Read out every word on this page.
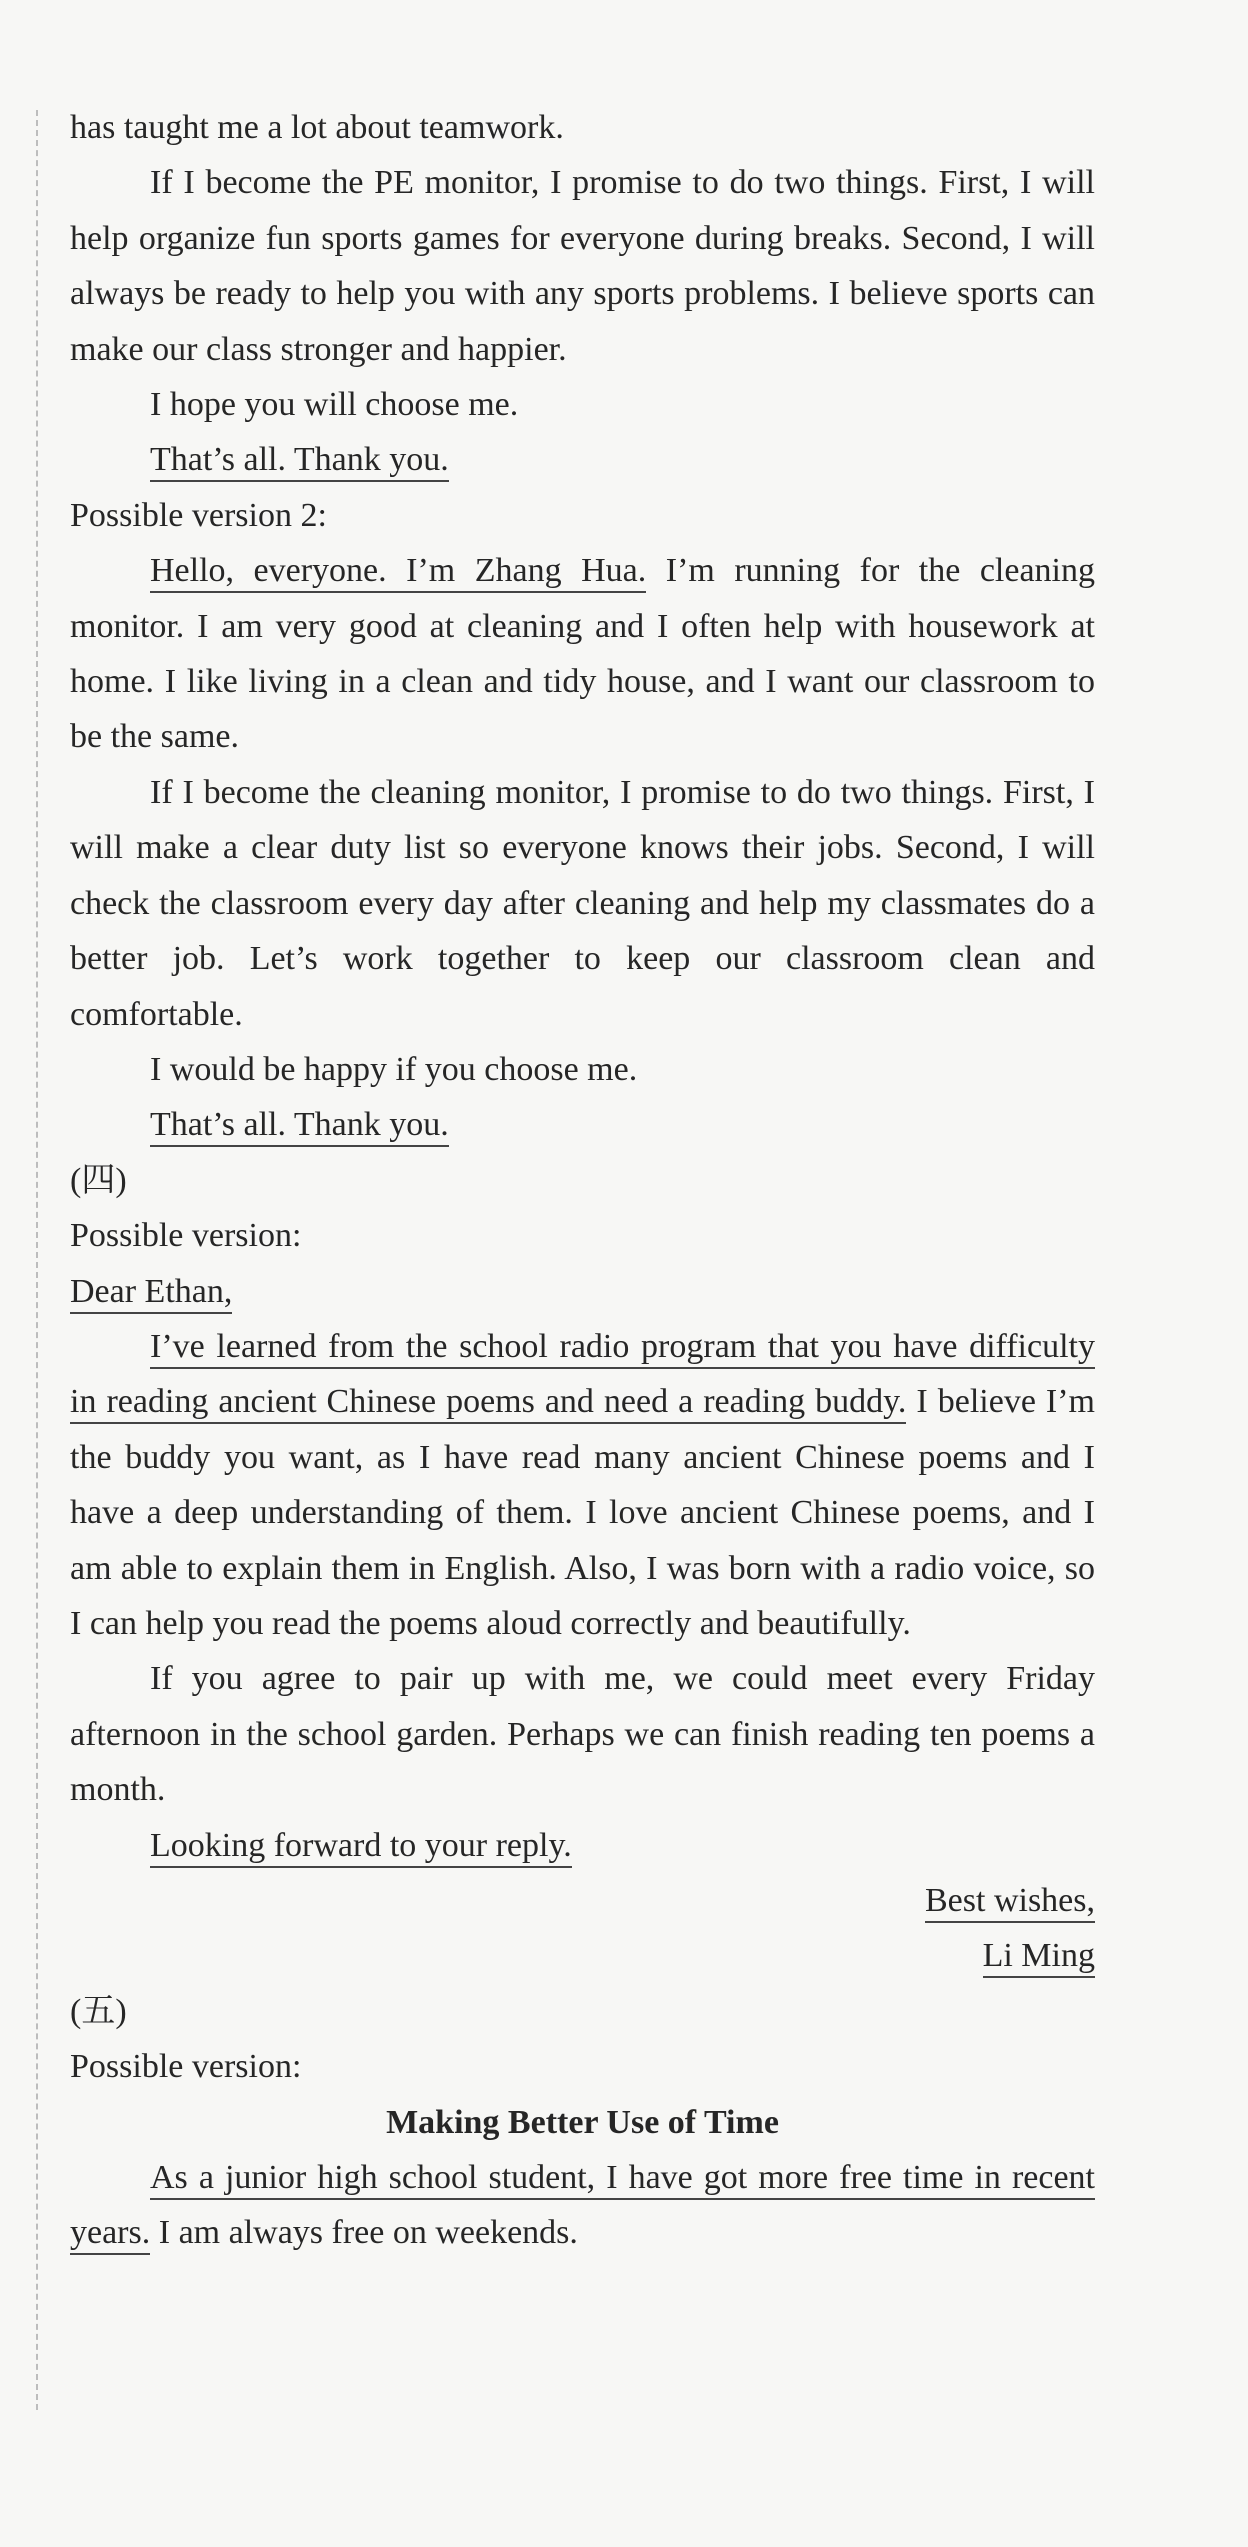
has taught me a lot about teamwork.

If I become the PE monitor, I promise to do two things. First, I will help organize fun sports games for everyone during breaks. Second, I will always be ready to help you with any sports problems. I believe sports can make our class stronger and happier.

I hope you will choose me.

That’s all. Thank you.

Possible version 2:

Hello, everyone. I’m Zhang Hua. I’m running for the cleaning monitor. I am very good at cleaning and I often help with housework at home. I like living in a clean and tidy house, and I want our classroom to be the same.

If I become the cleaning monitor, I promise to do two things. First, I will make a clear duty list so everyone knows their jobs. Second, I will check the classroom every day after cleaning and help my classmates do a better job. Let’s work together to keep our classroom clean and comfortable.

I would be happy if you choose me.

That’s all. Thank you.

(四)

Possible version:

Dear Ethan,

I’ve learned from the school radio program that you have difficulty in reading ancient Chinese poems and need a reading buddy. I believe I’m the buddy you want, as I have read many ancient Chinese poems and I have a deep understanding of them. I love ancient Chinese poems, and I am able to explain them in English. Also, I was born with a radio voice, so I can help you read the poems aloud correctly and beautifully.

If you agree to pair up with me, we could meet every Friday afternoon in the school garden. Perhaps we can finish reading ten poems a month.

Looking forward to your reply.

Best wishes,

Li Ming

(五)

Possible version:

Making Better Use of Time

As a junior high school student, I have got more free time in recent years. I am always free on weekends.
